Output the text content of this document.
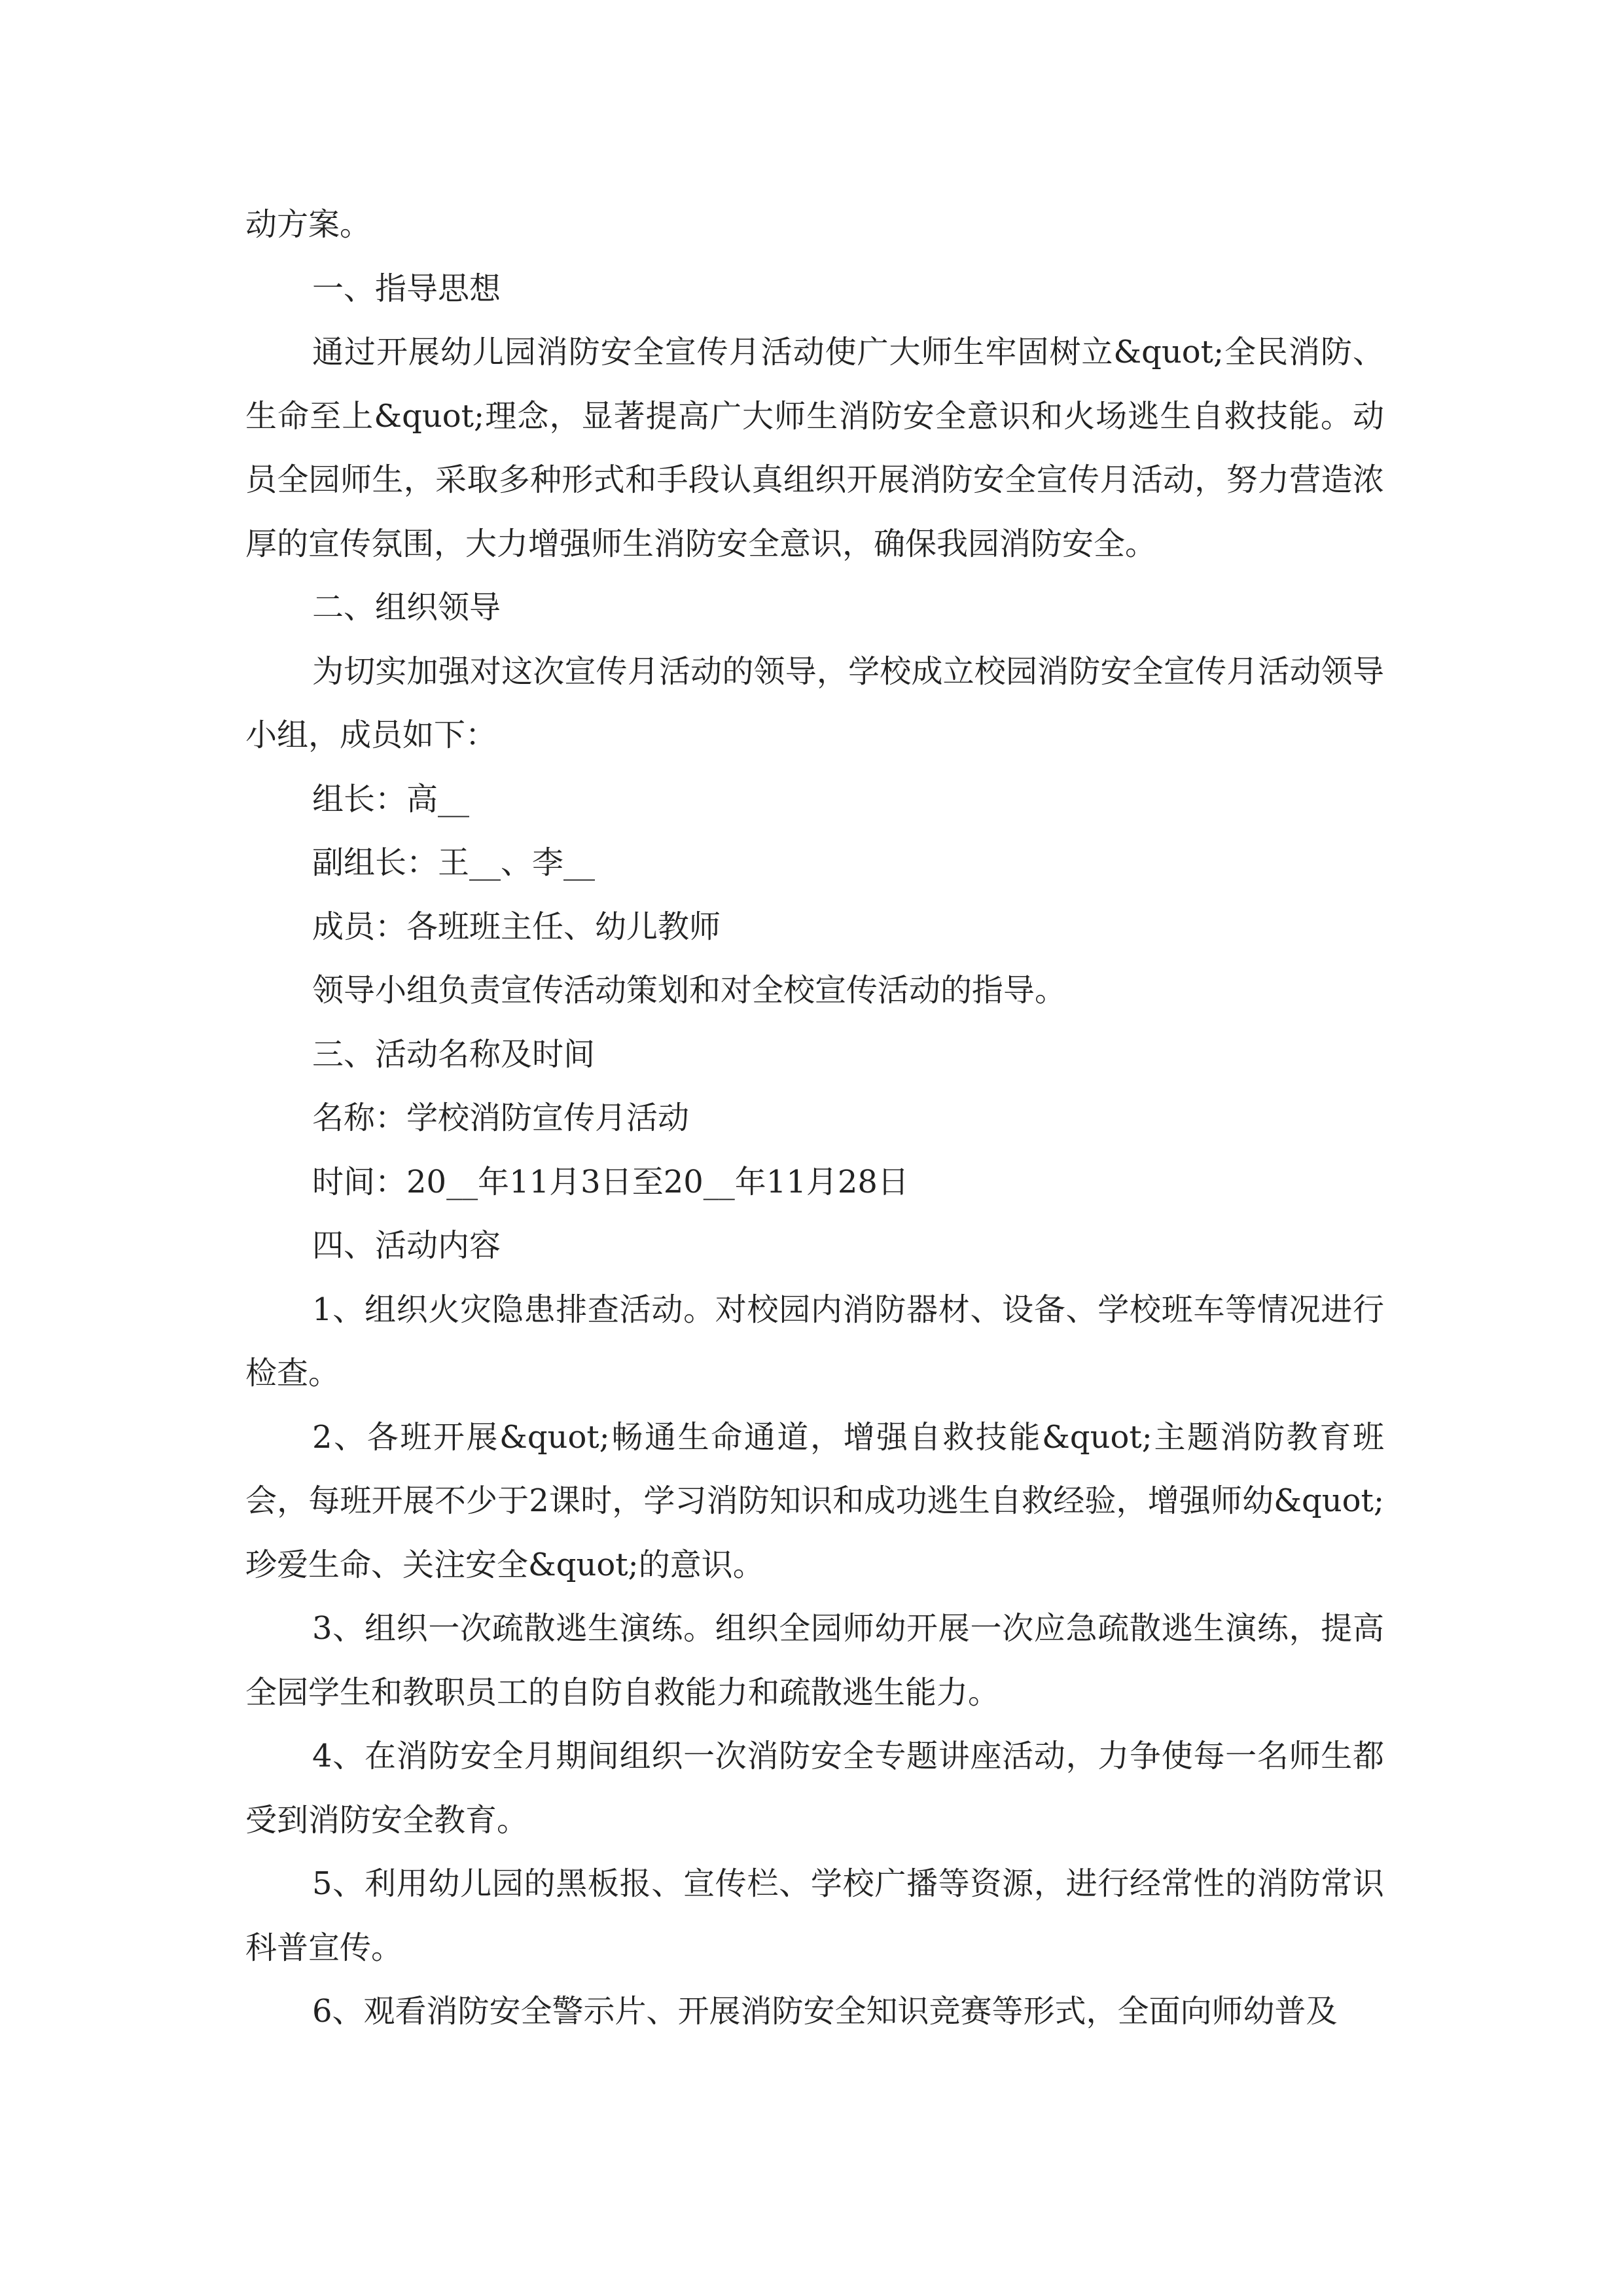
动方案。

一、指导思想

通过开展幼儿园消防安全宣传月活动使广大师生牢固树立&quot;全民消防、生命至上&quot;理念，显著提高广大师生消防安全意识和火场逃生自救技能。动员全园师生，采取多种形式和手段认真组织开展消防安全宣传月活动，努力营造浓厚的宣传氛围，大力增强师生消防安全意识，确保我园消防安全。

二、组织领导

为切实加强对这次宣传月活动的领导，学校成立校园消防安全宣传月活动领导小组，成员如下：

组长：高__

副组长：王__、李__

成员：各班班主任、幼儿教师

领导小组负责宣传活动策划和对全校宣传活动的指导。

三、活动名称及时间

名称：学校消防宣传月活动

时间：20__年11月3日至20__年11月28日

四、活动内容

1、组织火灾隐患排查活动。对校园内消防器材、设备、学校班车等情况进行检查。

2、各班开展&quot;畅通生命通道，增强自救技能&quot;主题消防教育班会，每班开展不少于2课时，学习消防知识和成功逃生自救经验，增强师幼&quot;珍爱生命、关注安全&quot;的意识。

3、组织一次疏散逃生演练。组织全园师幼开展一次应急疏散逃生演练，提高全园学生和教职员工的自防自救能力和疏散逃生能力。

4、在消防安全月期间组织一次消防安全专题讲座活动，力争使每一名师生都受到消防安全教育。

5、利用幼儿园的黑板报、宣传栏、学校广播等资源，进行经常性的消防常识科普宣传。

6、观看消防安全警示片、开展消防安全知识竞赛等形式，全面向师幼普及
